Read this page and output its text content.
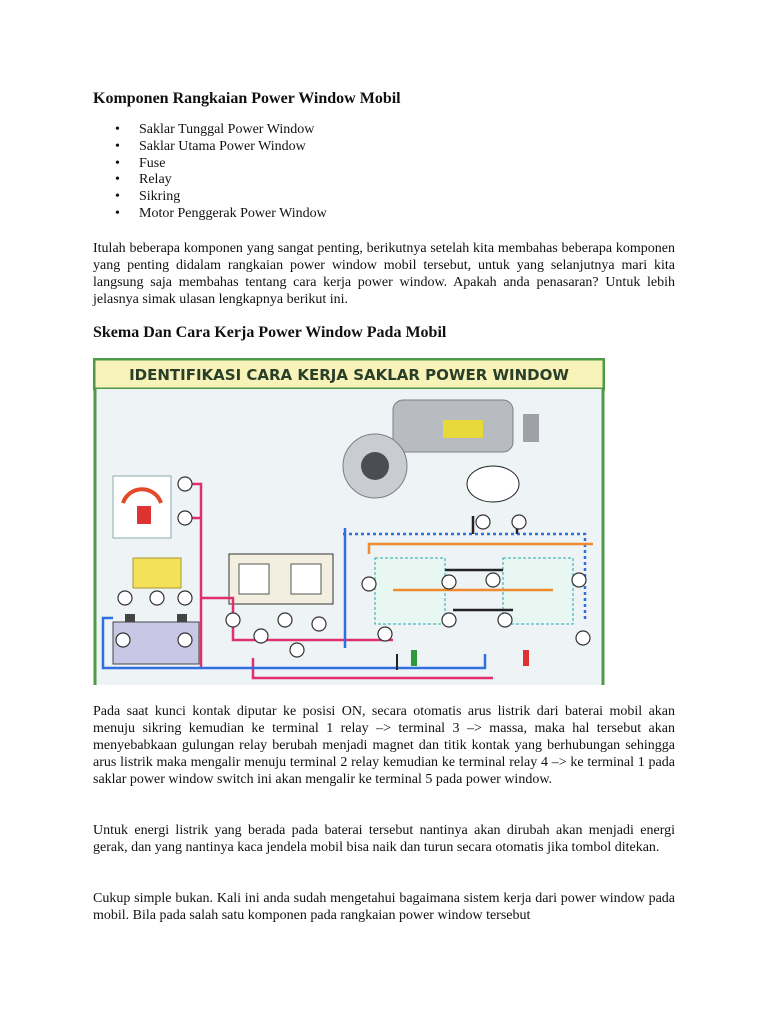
Komponen Rangkaian Power Window Mobil
• Saklar Tunggal Power Window
• Saklar Utama Power Window
• Fuse
• Relay
• Sikring
• Motor Penggerak Power Window

Itulah beberapa komponen yang sangat penting, berikutnya setelah kita membahas beberapa komponen yang penting didalam rangkaian power window mobil tersebut, untuk yang selanjutnya mari kita langsung saja membahas tentang cara kerja power window. Apakah anda penasaran? Untuk lebih jelasnya simak ulasan lengkapnya berikut ini.

Skema Dan Cara Kerja Power Window Pada Mobil
IDENTIFIKASI CARA KERJA SAKLAR POWER WINDOW

Pada saat kunci kontak diputar ke posisi ON, secara otomatis arus listrik dari baterai mobil akan menuju sikring kemudian ke terminal 1 relay –> terminal 3 –> massa, maka hal tersebut akan menyebabkaan gulungan relay berubah menjadi magnet dan titik kontak yang berhubungan sehingga arus listrik maka mengalir menuju terminal 2 relay kemudian ke terminal relay 4 –> ke terminal 1 pada saklar power window switch ini akan mengalir ke terminal 5 pada power window.

Untuk energi listrik yang berada pada baterai tersebut nantinya akan dirubah akan menjadi energi gerak, dan yang nantinya kaca jendela mobil bisa naik dan turun secara otomatis jika tombol ditekan.

Cukup simple bukan. Kali ini anda sudah mengetahui bagaimana sistem kerja dari power window pada mobil. Bila pada salah satu komponen pada rangkaian power window tersebut
